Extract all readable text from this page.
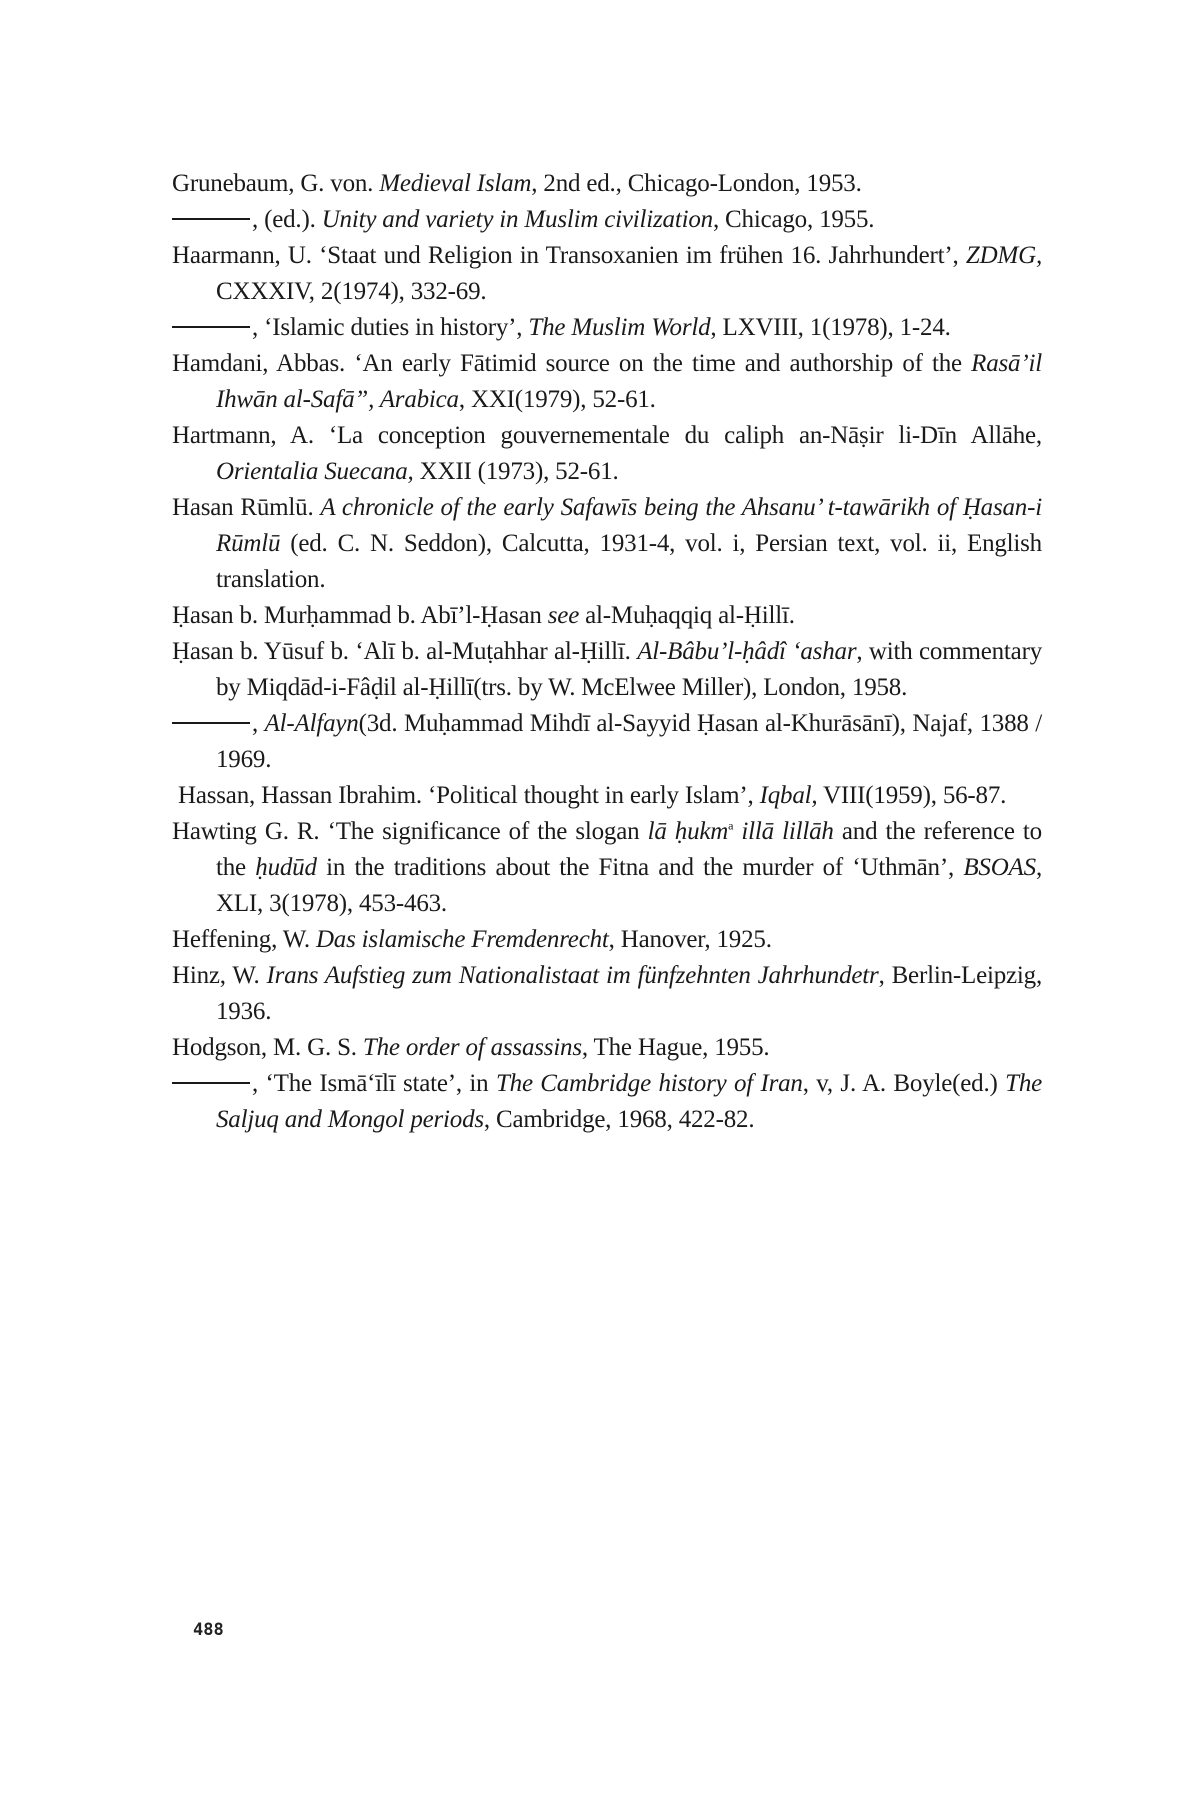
Grunebaum, G. von. Medieval Islam, 2nd ed., Chicago-London, 1953.

, (ed.). Unity and variety in Muslim civilization, Chicago, 1955.

Haarmann, U. ‘Staat und Religion in Transoxanien im frühen 16. Jahrhundert’, ZDMG, CXXXIV, 2(1974), 332-69.

, ‘Islamic duties in history’, The Muslim World, LXVIII, 1(1978), 1-24.

Hamdani, Abbas. ‘An early Fātimid source on the time and authorship of the Rasā’il Ihwān al-Safā”, Arabica, XXI(1979), 52-61.

Hartmann, A. ‘La conception gouvernementale du caliph an-Nāṣir li-Dīn Allāhe, Orientalia Suecana, XXII (1973), 52-61.

Hasan Rūmlū. A chronicle of the early Safawīs being the Ahsanu’ t-tawārikh of Ḥasan-i Rūmlū (ed. C. N. Seddon), Calcutta, 1931-4, vol. i, Persian text, vol. ii, English translation.

Ḥasan b. Murḥammad b. Abī’l-Ḥasan see al-Muḥaqqiq al-Ḥillī.

Ḥasan b. Yūsuf b. ‘Alī b. al-Muṭahhar al-Ḥillī. Al-Bâbu’l-ḥâdî ‘ashar, with commentary by Miqdād-i-Fâḍil al-Ḥillī(trs. by W. McElwee Miller), London, 1958.

, Al-Alfayn(3d. Muḥammad Mihdī al-Sayyid Ḥasan al-Khurāsānī), Najaf, 1388 / 1969.

Hassan, Hassan Ibrahim. ‘Political thought in early Islam’, Iqbal, VIII(1959), 56-87.

Hawting G. R. ‘The significance of the slogan lā ḥukm$^a$ illā lillāh and the reference to the ḥudūd in the traditions about the Fitna and the murder of ‘Uthmān’, BSOAS, XLI, 3(1978), 453-463.

Heffening, W. Das islamische Fremdenrecht, Hanover, 1925.

Hinz, W. Irans Aufstieg zum Nationalistaat im fünfzehnten Jahrhundetr, Berlin-Leipzig, 1936.

Hodgson, M. G. S. The order of assassins, The Hague, 1955.

, ‘The Ismā‘īlī state’, in The Cambridge history of Iran, v, J. A. Boyle(ed.) The Saljuq and Mongol periods, Cambridge, 1968, 422-82.

488
